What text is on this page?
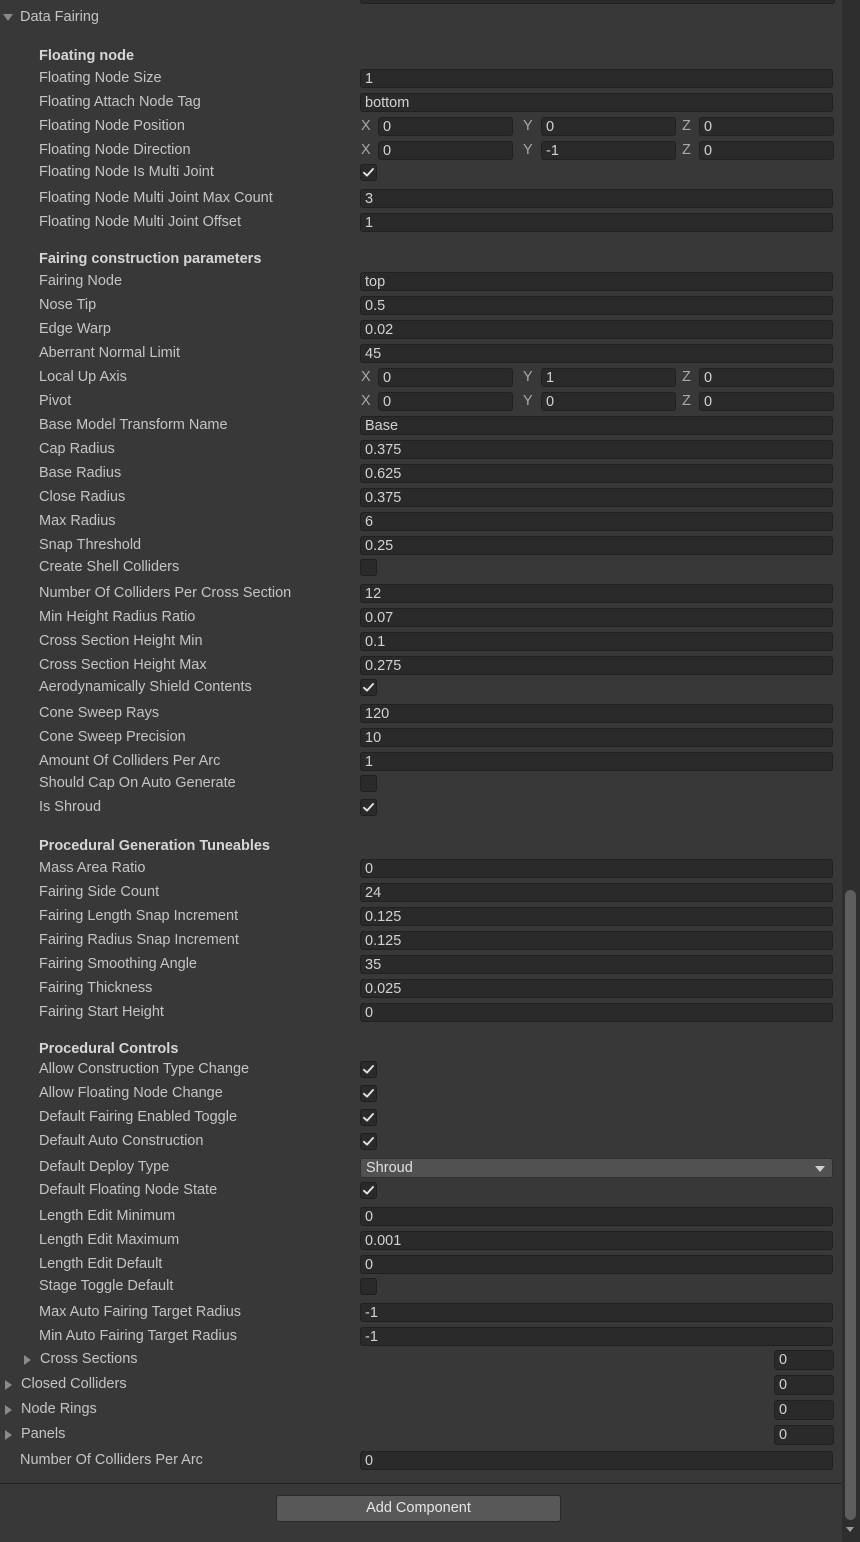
Data Fairing
Floating node
Floating Node Size	1
Floating Attach Node Tag	bottom
Floating Node Position	X 0	Y 0	Z 0
Floating Node Direction	X 0	Y -1	Z 0
Floating Node Is Multi Joint
Floating Node Multi Joint Max Count	3
Floating Node Multi Joint Offset	1
Fairing construction parameters
Fairing Node	top
Nose Tip	0.5
Edge Warp	0.02
Aberrant Normal Limit	45
Local Up Axis	X 0	Y 1	Z 0
Pivot	X 0	Y 0	Z 0
Base Model Transform Name	Base
Cap Radius	0.375
Base Radius	0.625
Close Radius	0.375
Max Radius	6
Snap Threshold	0.25
Create Shell Colliders
Number Of Colliders Per Cross Section	12
Min Height Radius Ratio	0.07
Cross Section Height Min	0.1
Cross Section Height Max	0.275
Aerodynamically Shield Contents
Cone Sweep Rays	120
Cone Sweep Precision	10
Amount Of Colliders Per Arc	1
Should Cap On Auto Generate
Is Shroud
Procedural Generation Tuneables
Mass Area Ratio	0
Fairing Side Count	24
Fairing Length Snap Increment	0.125
Fairing Radius Snap Increment	0.125
Fairing Smoothing Angle	35
Fairing Thickness	0.025
Fairing Start Height	0
Procedural Controls
Allow Construction Type Change
Allow Floating Node Change
Default Fairing Enabled Toggle
Default Auto Construction
Default Deploy Type	Shroud
Default Floating Node State
Length Edit Minimum	0
Length Edit Maximum	0.001
Length Edit Default	0
Stage Toggle Default
Max Auto Fairing Target Radius	-1
Min Auto Fairing Target Radius	-1
Cross Sections	0
Closed Colliders	0
Node Rings	0
Panels	0
Number Of Colliders Per Arc	0
Add Component
